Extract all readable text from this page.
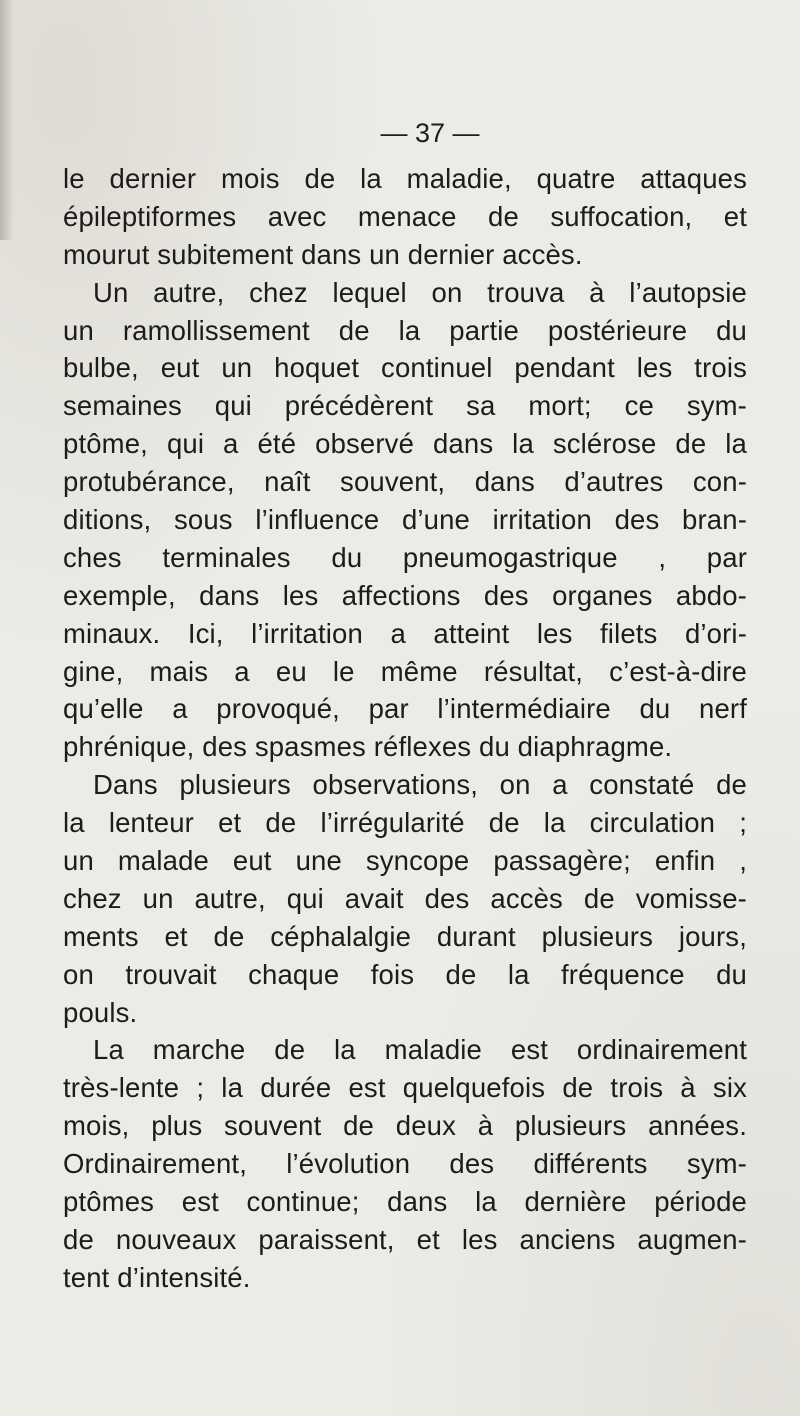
— 37 —
le dernier mois de la maladie, quatre attaques
épileptiformes avec menace de suffocation, et
mourut subitement dans un dernier accès.
Un autre, chez lequel on trouva à l’autopsie
un ramollissement de la partie postérieure du
bulbe, eut un hoquet continuel pendant les trois
semaines qui précédèrent sa mort; ce sym-
ptôme, qui a été observé dans la sclérose de la
protubérance, naît souvent, dans d’autres con-
ditions, sous l’influence d’une irritation des bran-
ches terminales du pneumogastrique , par
exemple, dans les affections des organes abdo-
minaux. Ici, l’irritation a atteint les filets d’ori-
gine, mais a eu le même résultat, c’est-à-dire
qu’elle a provoqué, par l’intermédiaire du nerf
phrénique, des spasmes réflexes du diaphragme.
Dans plusieurs observations, on a constaté de
la lenteur et de l’irrégularité de la circulation ;
un malade eut une syncope passagère; enfin ,
chez un autre, qui avait des accès de vomisse-
ments et de céphalalgie durant plusieurs jours,
on trouvait chaque fois de la fréquence du
pouls.
La marche de la maladie est ordinairement
très-lente ; la durée est quelquefois de trois à six
mois, plus souvent de deux à plusieurs années.
Ordinairement, l’évolution des différents sym-
ptômes est continue; dans la dernière période
de nouveaux paraissent, et les anciens augmen-
tent d’intensité.
